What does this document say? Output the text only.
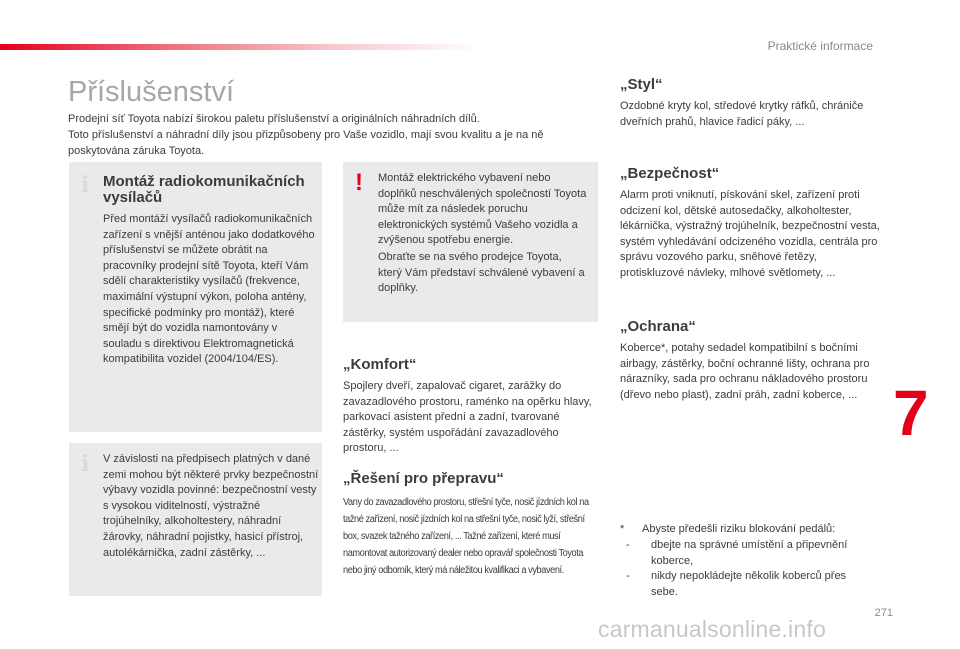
Praktické informace
Příslušenství

Prodejní síť Toyota nabízí širokou paletu příslušenství a originálních náhradních dílů.

Toto příslušenství a náhradní díly jsou přizpůsobeny pro Vaše vozidlo, mají svou kvalitu a je na ně poskytována záruka Toyota.

i Montáž radiokomunikačních vysílačů

Před montáží vysílačů radiokomunikačních zařízení s vnější anténou jako dodatkového příslušenství se můžete obrátit na pracovníky prodejní sítě Toyota, kteří Vám sdělí charakteristiky vysílačů (frekvence, maximální výstupní výkon, poloha antény, specifické podmínky pro montáž), které smějí být do vozidla namontovány v souladu s direktivou Elektromagnetická kompatibilita vozidel (2004/104/ES).

i V závislosti na předpisech platných v dané zemi mohou být některé prvky bezpečnostní výbavy vozidla povinné: bezpečnostní vesty s vysokou viditelností, výstražné trojúhelníky, alkoholtestery, náhradní žárovky, náhradní pojistky, hasicí přístroj, autolékárnička, zadní zástěrky, ...

! Montáž elektrického vybavení nebo doplňků neschválených společností Toyota může mít za následek poruchu elektronických systémů Vašeho vozidla a zvýšenou spotřebu energie.

Obraťte se na svého prodejce Toyota, který Vám představí schválené vybavení a doplňky.

„Komfort“

Spojlery dveří, zapalovač cigaret, zarážky do zavazadlového prostoru, raménko na opěrku hlavy, parkovací asistent přední a zadní, tvarované zástěrky, systém uspořádání zavazadlového prostoru, ...

„Řešení pro přepravu“

Vany do zavazadlového prostoru, střešní tyče, nosič jízdních kol na tažné zařízení, nosič jízdních kol na střešní tyče, nosič lyží, střešní box, svazek tažného zařízení, ... Tažné zařízení, které musí namontovat autorizovaný dealer nebo opravář společnosti Toyota nebo jiný odborník, který má náležitou kvalifikaci a vybavení.

„Styl“

Ozdobné kryty kol, středové krytky ráfků, chrániče dveřních prahů, hlavice řadicí páky, ...

„Bezpečnost“

Alarm proti vniknutí, pískování skel, zařízení proti odcizení kol, dětské autosedačky, alkoholtester, lékárnička, výstražný trojúhelník, bezpečnostní vesta, systém vyhledávání odcizeného vozidla, centrála pro správu vozového parku, sněhové řetězy, protiskluzové návleky, mlhové světlomety, ...

„Ochrana“

Koberce*, potahy sedadel kompatibilní s bočními airbagy, zástěrky, boční ochranné lišty, ochrana pro nárazníky, sada pro ochranu nákladového prostoru (dřevo nebo plast), zadní práh, zadní koberce, ...

* Abyste předešli riziku blokování pedálů:
- dbejte na správné umístění a připevnění koberce,
- nikdy nepokládejte několik koberců přes sebe.
7
271
carmanualsonline.info
